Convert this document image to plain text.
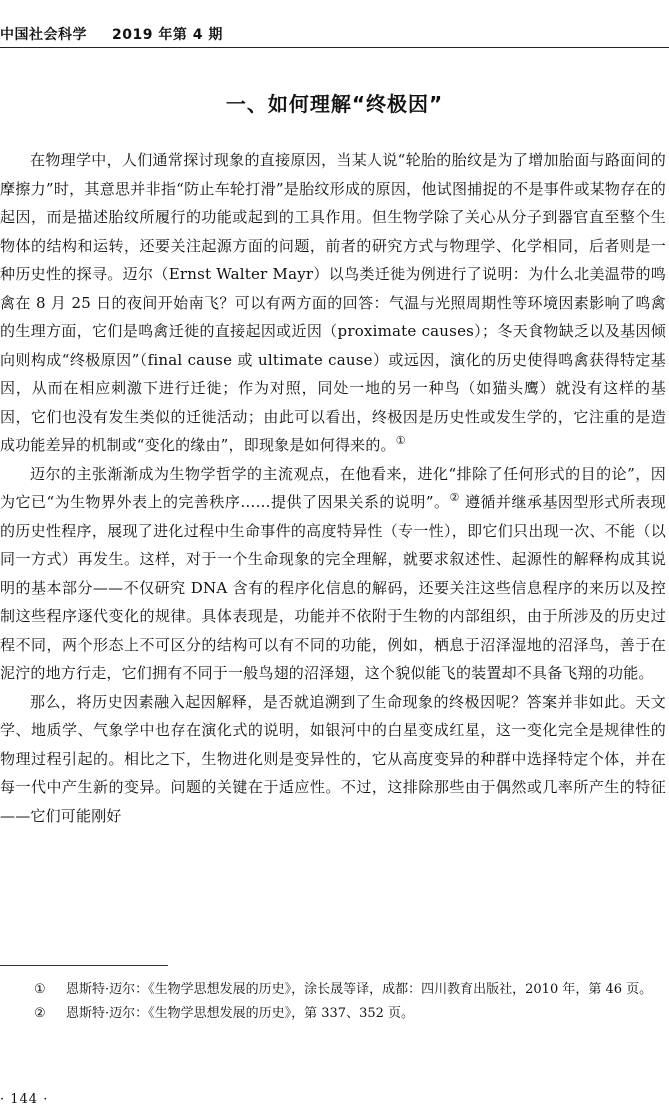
中国社会科学 2019 年第 4 期
一、如何理解“终极因”

在物理学中，人们通常探讨现象的直接原因，当某人说“轮胎的胎纹是为了增加胎面与路面间的摩擦力”时，其意思并非指“防止车轮打滑”是胎纹形成的原因，他试图捕捉的不是事件或某物存在的起因，而是描述胎纹所履行的功能或起到的工具作用。但生物学除了关心从分子到器官直至整个生物体的结构和运转，还要关注起源方面的问题，前者的研究方式与物理学、化学相同，后者则是一种历史性的探寻。迈尔（Ernst Walter Mayr）以鸟类迁徙为例进行了说明：为什么北美温带的鸣禽在 8 月 25 日的夜间开始南飞？可以有两方面的回答：气温与光照周期性等环境因素影响了鸣禽的生理方面，它们是鸣禽迁徙的直接起因或近因（proximate causes）；冬天食物缺乏以及基因倾向则构成“终极原因”（final cause 或 ultimate cause）或远因，演化的历史使得鸣禽获得特定基因，从而在相应刺激下进行迁徙；作为对照，同处一地的另一种鸟（如猫头鹰）就没有这样的基因，它们也没有发生类似的迁徙活动；由此可以看出，终极因是历史性或发生学的，它注重的是造成功能差异的机制或“变化的缘由”，即现象是如何得来的。①

迈尔的主张渐渐成为生物学哲学的主流观点，在他看来，进化“排除了任何形式的目的论”，因为它已“为生物界外表上的完善秩序……提供了因果关系的说明”。② 遵循并继承基因型形式所表现的历史性程序，展现了进化过程中生命事件的高度特异性（专一性），即它们只出现一次、不能（以同一方式）再发生。这样，对于一个生命现象的完全理解，就要求叙述性、起源性的解释构成其说明的基本部分——不仅研究 DNA 含有的程序化信息的解码，还要关注这些信息程序的来历以及控制这些程序逐代变化的规律。具体表现是，功能并不依附于生物的内部组织，由于所涉及的历史过程不同，两个形态上不可区分的结构可以有不同的功能，例如，栖息于沼泽湿地的沼泽鸟，善于在泥泞的地方行走，它们拥有不同于一般鸟翅的沼泽翅，这个貌似能飞的装置却不具备飞翔的功能。

那么，将历史因素融入起因解释，是否就追溯到了生命现象的终极因呢？答案并非如此。天文学、地质学、气象学中也存在演化式的说明，如银河中的白星变成红星，这一变化完全是规律性的物理过程引起的。相比之下，生物进化则是变异性的，它从高度变异的种群中选择特定个体，并在每一代中产生新的变异。问题的关键在于适应性。不过，这排除那些由于偶然或几率所产生的特征——它们可能刚好

① 恩斯特·迈尔：《生物学思想发展的历史》，涂长晟等译，成都：四川教育出版社，2010 年，第 46 页。
② 恩斯特·迈尔：《生物学思想发展的历史》，第 337、352 页。
· 144 ·
